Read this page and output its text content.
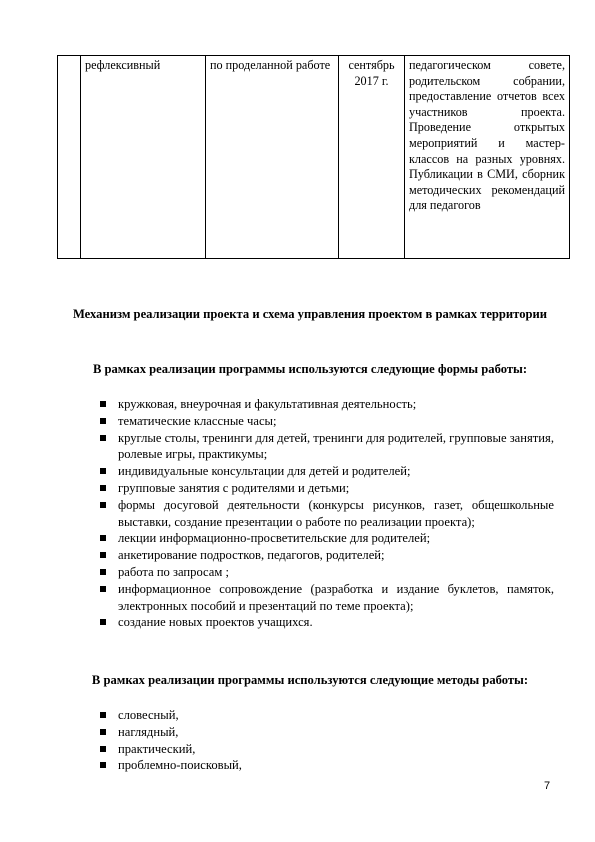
	рефлексивный	по проделанной работе	сентябрь 2017 г.	педагогическом совете, родительском собрании, предоставление отчетов всех участников проекта. Проведение открытых мероприятий и мастер-классов на разных уровнях. Публикации в СМИ, сборник методических рекомендаций для педагогов

Механизм реализации проекта и схема управления проектом в рамках территории

В рамках реализации программы используются следующие формы работы:

кружковая, внеурочная и факультативная деятельность;
тематические классные часы;
круглые столы, тренинги для детей, тренинги для родителей, групповые занятия, ролевые игры, практикумы;
индивидуальные консультации для детей и родителей;
групповые занятия с родителями и детьми;
формы досуговой деятельности (конкурсы рисунков, газет, общешкольные выставки, создание презентации о работе по реализации проекта);
лекции информационно-просветительские для родителей;
анкетирование подростков, педагогов, родителей;
работа по запросам ;
информационное сопровождение (разработка и издание буклетов, памяток, электронных пособий и презентаций по теме проекта);
создание новых проектов учащихся.

В рамках реализации программы используются следующие методы работы:

словесный,
наглядный,
практический,
проблемно-поисковый,
7
